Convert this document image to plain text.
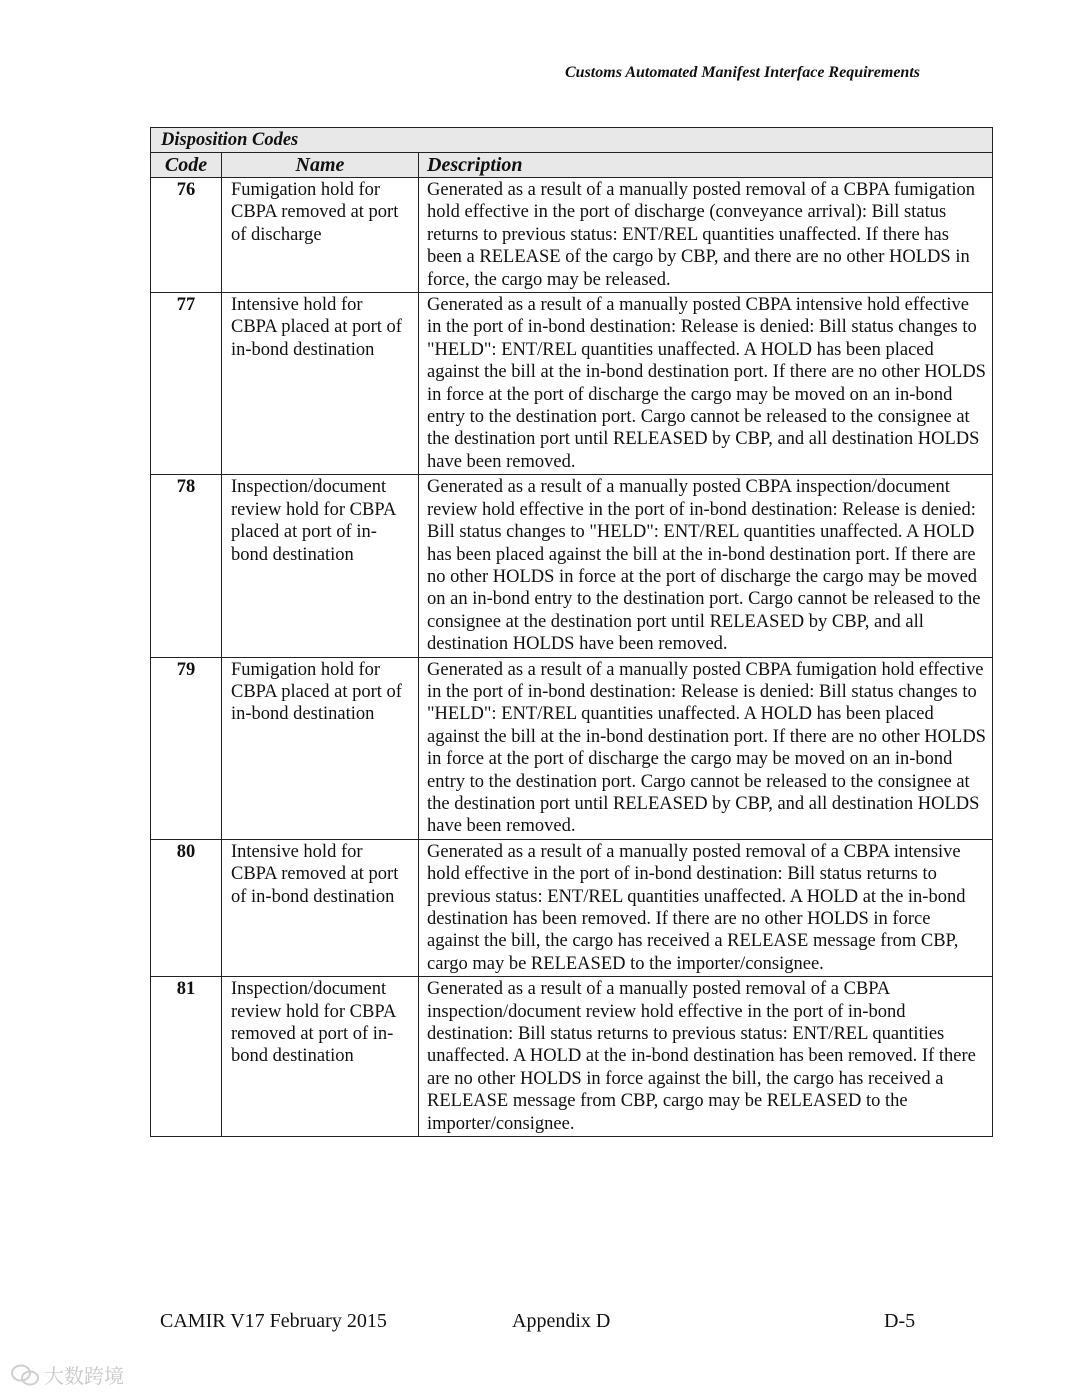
Customs Automated Manifest Interface Requirements
Disposition Codes		
Code	Name	Description
76	Fumigation hold for CBPA removed at port of discharge	Generated as a result of a manually posted removal of a CBPA fumigation hold effective in the port of discharge (conveyance arrival): Bill status returns to previous status: ENT/REL quantities unaffected. If there has been a RELEASE of the cargo by CBP, and there are no other HOLDS in force, the cargo may be released.
77	Intensive hold for CBPA placed at port of in-bond destination	Generated as a result of a manually posted CBPA intensive hold effective in the port of in-bond destination: Release is denied: Bill status changes to "HELD": ENT/REL quantities unaffected. A HOLD has been placed against the bill at the in-bond destination port. If there are no other HOLDS in force at the port of discharge the cargo may be moved on an in-bond entry to the destination port. Cargo cannot be released to the consignee at the destination port until RELEASED by CBP, and all destination HOLDS have been removed.
78	Inspection/document review hold for CBPA placed at port of in-bond destination	Generated as a result of a manually posted CBPA inspection/document review hold effective in the port of in-bond destination: Release is denied: Bill status changes to "HELD": ENT/REL quantities unaffected. A HOLD has been placed against the bill at the in-bond destination port. If there are no other HOLDS in force at the port of discharge the cargo may be moved on an in-bond entry to the destination port. Cargo cannot be released to the consignee at the destination port until RELEASED by CBP, and all destination HOLDS have been removed.
79	Fumigation hold for CBPA placed at port of in-bond destination	Generated as a result of a manually posted CBPA fumigation hold effective in the port of in-bond destination: Release is denied: Bill status changes to "HELD": ENT/REL quantities unaffected. A HOLD has been placed against the bill at the in-bond destination port. If there are no other HOLDS in force at the port of discharge the cargo may be moved on an in-bond entry to the destination port. Cargo cannot be released to the consignee at the destination port until RELEASED by CBP, and all destination HOLDS have been removed.
80	Intensive hold for CBPA removed at port of in-bond destination	Generated as a result of a manually posted removal of a CBPA intensive hold effective in the port of in-bond destination: Bill status returns to previous status: ENT/REL quantities unaffected. A HOLD at the in-bond destination has been removed. If there are no other HOLDS in force against the bill, the cargo has received a RELEASE message from CBP, cargo may be RELEASED to the importer/consignee.
81	Inspection/document review hold for CBPA removed at port of in-bond destination	Generated as a result of a manually posted removal of a CBPA inspection/document review hold effective in the port of in-bond destination: Bill status returns to previous status: ENT/REL quantities unaffected. A HOLD at the in-bond destination has been removed. If there are no other HOLDS in force against the bill, the cargo has received a RELEASE message from CBP, cargo may be RELEASED to the importer/consignee.
CAMIR V17 February 2015	Appendix D	D-5
大数跨境
